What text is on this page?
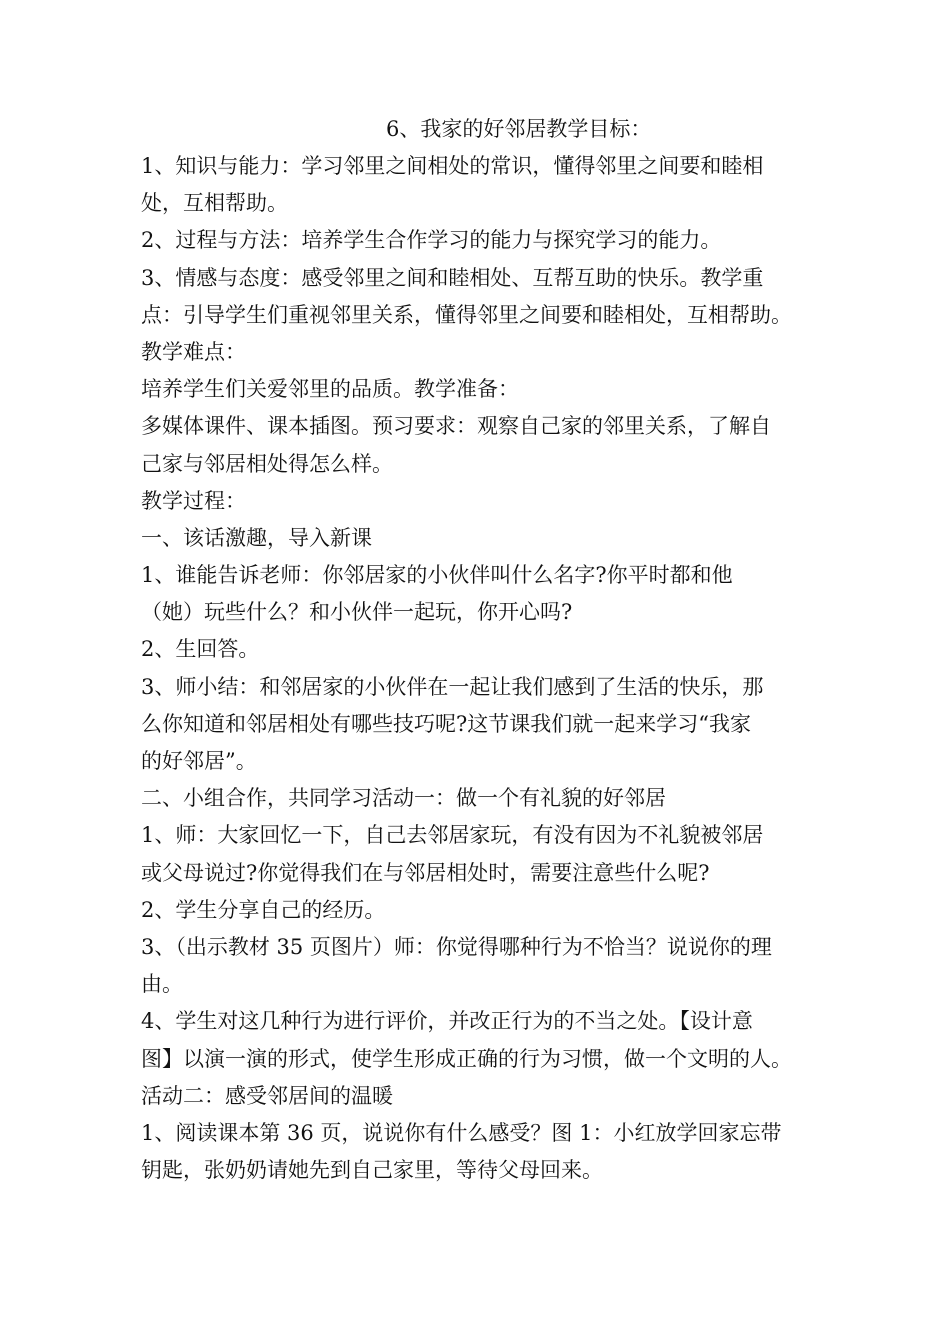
6、我家的好邻居教学目标：
1、知识与能力：学习邻里之间相处的常识，懂得邻里之间要和睦相
处，互相帮助。
2、过程与方法：培养学生合作学习的能力与探究学习的能力。
3、情感与态度：感受邻里之间和睦相处、互帮互助的快乐。教学重
点：引导学生们重视邻里关系，懂得邻里之间要和睦相处，互相帮助。
教学难点：
培养学生们关爱邻里的品质。教学准备：
多媒体课件、课本插图。预习要求：观察自己家的邻里关系，了解自
己家与邻居相处得怎么样。
教学过程：
一、该话激趣，导入新课
1、谁能告诉老师：你邻居家的小伙伴叫什么名字?你平时都和他
（她）玩些什么？和小伙伴一起玩，你开心吗?
2、生回答。
3、师小结：和邻居家的小伙伴在一起让我们感到了生活的快乐，那
么你知道和邻居相处有哪些技巧呢?这节课我们就一起来学习“我家
的好邻居”。
二、小组合作，共同学习活动一：做一个有礼貌的好邻居
1、师：大家回忆一下，自己去邻居家玩，有没有因为不礼貌被邻居
或父母说过?你觉得我们在与邻居相处时，需要注意些什么呢?
2、学生分享自己的经历。
3、（出示教材 35 页图片）师：你觉得哪种行为不恰当？说说你的理
由。
4、学生对这几种行为进行评价，并改正行为的不当之处。【设计意
图】以演一演的形式，使学生形成正确的行为习惯，做一个文明的人。
活动二：感受邻居间的温暖
1、阅读课本第 36 页，说说你有什么感受？图 1：小红放学回家忘带
钥匙，张奶奶请她先到自己家里，等待父母回来。
